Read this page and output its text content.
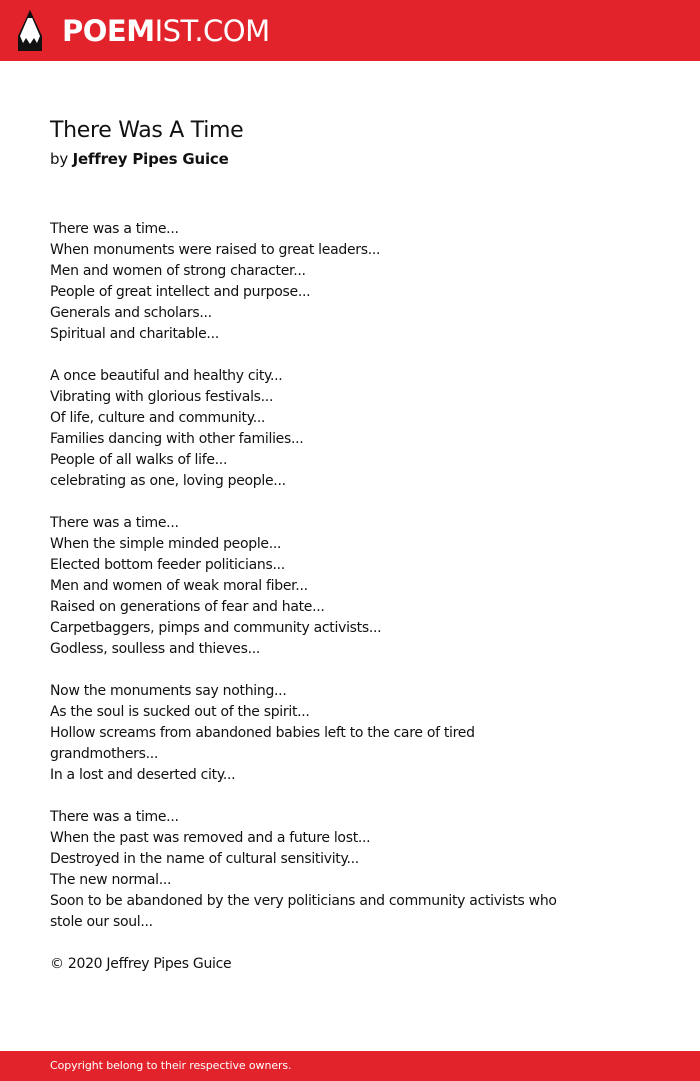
POEMIST.COM
There Was A Time
by Jeffrey Pipes Guice
There was a time...
When monuments were raised to great leaders...
Men and women of strong character...
People of great intellect and purpose...
Generals and scholars...
Spiritual and charitable...
A once beautiful and healthy city...
Vibrating with glorious festivals...
Of life, culture and community...
Families dancing with other families...
People of all walks of life...
celebrating as one, loving people...
There was a time...
When the simple minded people...
Elected bottom feeder politicians...
Men and women of weak moral fiber...
Raised on generations of fear and hate...
Carpetbaggers, pimps and community activists...
Godless, soulless and thieves...
Now the monuments say nothing...
As the soul is sucked out of the spirit...
Hollow screams from abandoned babies left to the care of tired grandmothers...
In a lost and deserted city...
There was a time...
When the past was removed and a future lost...
Destroyed in the name of cultural sensitivity...
The new normal...
Soon to be abandoned by the very politicians and community activists who stole our soul...
© 2020 Jeffrey Pipes Guice
Copyright belong to their respective owners.
